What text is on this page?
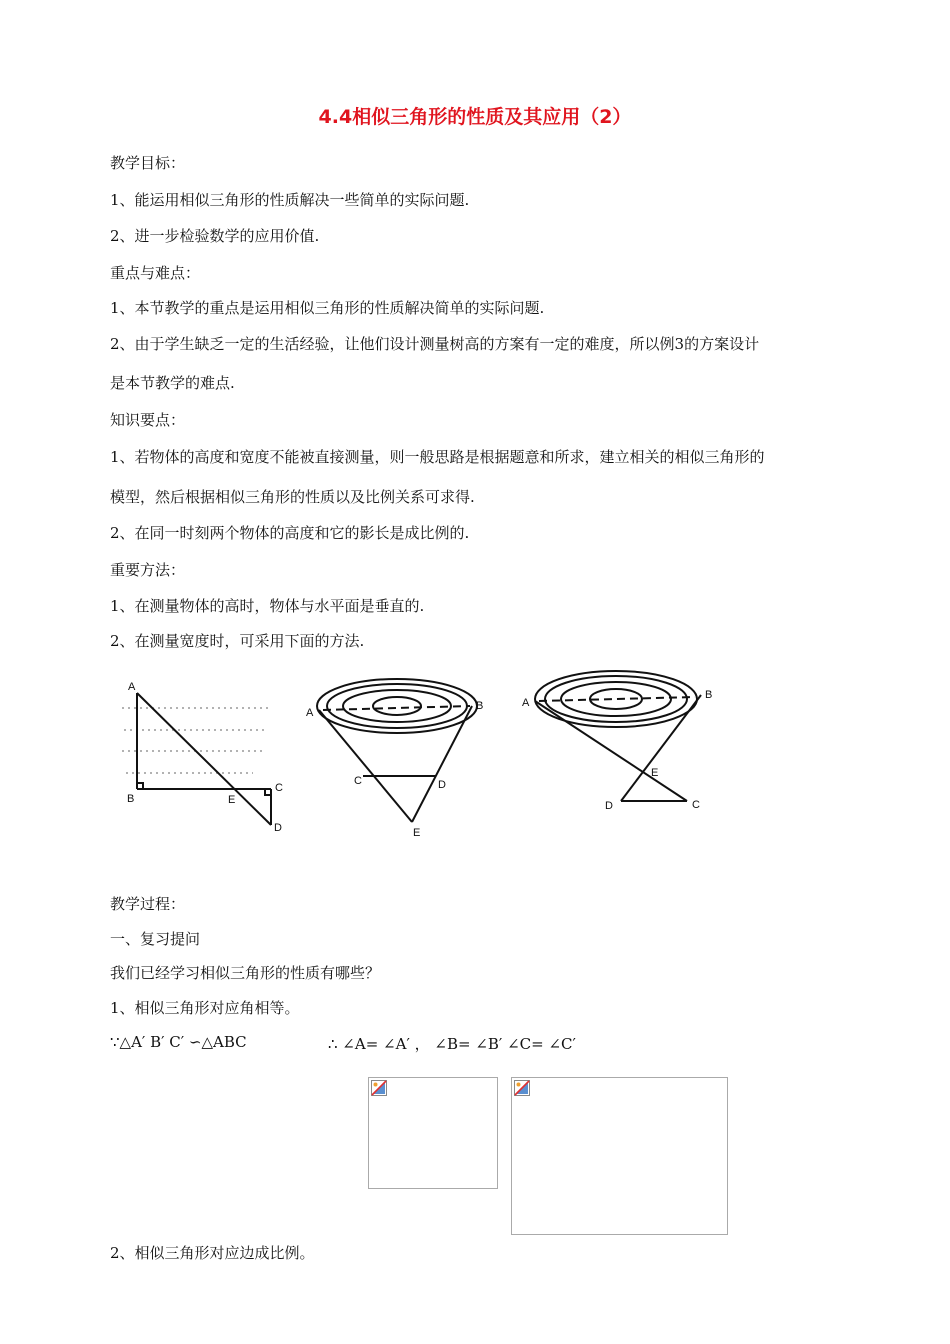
4.4相似三角形的性质及其应用（2）
教学目标：
1、能运用相似三角形的性质解决一些简单的实际问题.
2、进一步检验数学的应用价值.
重点与难点：
1、本节教学的重点是运用相似三角形的性质解决简单的实际问题.
2、由于学生缺乏一定的生活经验，让他们设计测量树高的方案有一定的难度，所以例3的方案设计
是本节教学的难点.
知识要点：
1、若物体的高度和宽度不能被直接测量，则一般思路是根据题意和所求，建立相关的相似三角形的
模型，然后根据相似三角形的性质以及比例关系可求得.
2、在同一时刻两个物体的高度和它的影长是成比例的.
重要方法：
1、在测量物体的高时，物体与水平面是垂直的.
2、在测量宽度时，可采用下面的方法.
A
B	E
C
D
A
B
C	D
E
A
B
E
D	C
教学过程：
一、复习提问
我们已经学习相似三角形的性质有哪些？
1、相似三角形对应角相等。
∵△A′ B′ C′ ∽△ABC	∴ ∠A= ∠A′ ， ∠B= ∠B′ ∠C= ∠C′
2、相似三角形对应边成比例。
